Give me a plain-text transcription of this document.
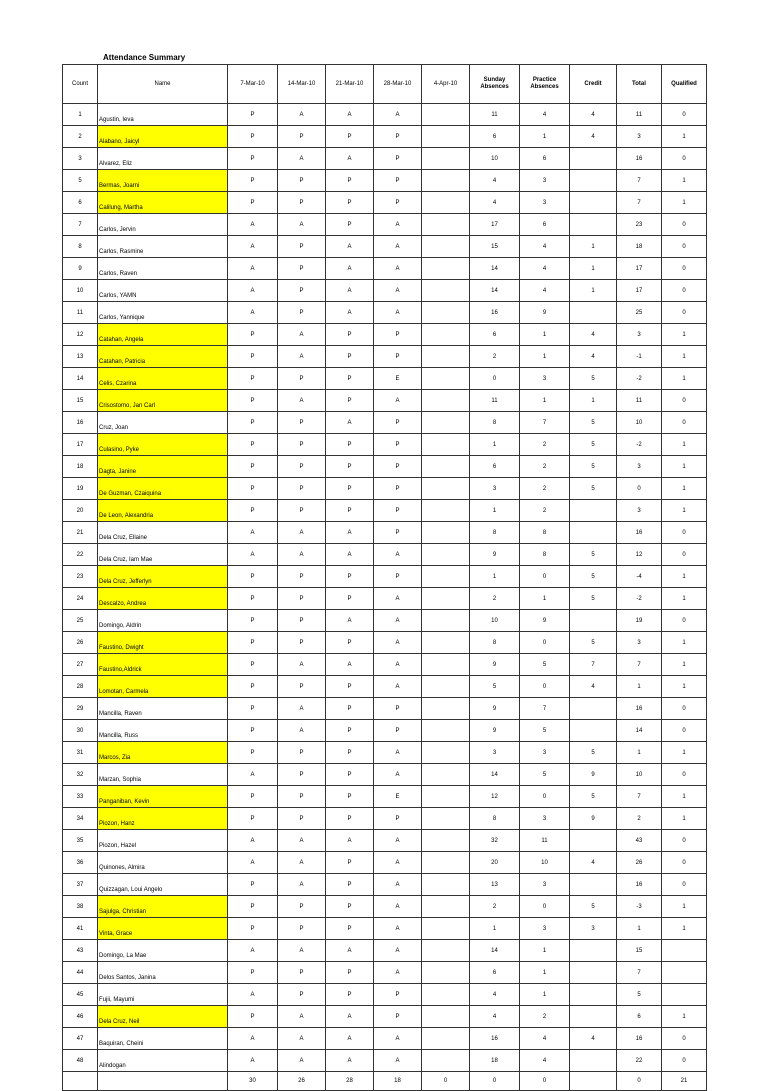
Attendance Summary
Count	Name	7-Mar-10	14-Mar-10	21-Mar-10	28-Mar-10	4-Apr-10	Sunday Absences	Practice Absences	Credit	Total	Qualified
1	Agustin, Ieva	P	A	A	A		11	4	4	11	0
2	Alabano, Jaicyl	P	P	P	P		6	1	4	3	1
3	Alvarez, Eliz	P	A	A	P		10	6		16	0
5	Bermas, Joarni	P	P	P	P		4	3		7	1
6	Calilung, Martha	P	P	P	P		4	3		7	1
7	Carlos, Jervin	A	A	P	A		17	6		23	0
8	Carlos, Rasmine	A	P	A	A		15	4	1	18	0
9	Carlos, Raven	A	P	A	A		14	4	1	17	0
10	Carlos, YAMN	A	P	A	A		14	4	1	17	0
11	Carlos, Yannique	A	P	A	A		16	9		25	0
12	Catahan, Angela	P	A	P	P		6	1	4	3	1
13	Catahan, Patricia	P	A	P	P		2	1	4	-1	1
14	Celis, Czarina	P	P	P	E		0	3	5	-2	1
15	Crisostomo, Jan Carl	P	A	P	A		11	1	1	11	0
16	Cruz, Joan	P	P	A	P		8	7	5	10	0
17	Culasino, Pyke	P	P	P	P		1	2	5	-2	1
18	Dagta, Janine	P	P	P	P		6	2	5	3	1
19	De Guzman, Czaiquina	P	P	P	P		3	2	5	0	1
20	De Leon, Alexandria	P	P	P	P		1	2		3	1
21	Dela Cruz, Ellaine	A	A	A	P		8	8		16	0
22	Dela Cruz, Iam Mae	A	A	A	A		9	8	5	12	0
23	Dela Cruz, Jefferlyn	P	P	P	P		1	0	5	-4	1
24	Descalzo, Andrea	P	P	P	A		2	1	5	-2	1
25	Domingo, Aldrin	P	P	A	A		10	9		19	0
26	Faustino, Dwight	P	P	P	A		8	0	5	3	1
27	Faustino,Aldrick	P	A	A	A		9	5	7	7	1
28	Lomotan, Carmela	P	P	P	A		5	0	4	1	1
29	Mancilla, Raven	P	A	P	P		9	7		16	0
30	Mancilla, Russ	P	A	P	P		9	5		14	0
31	Marcos, Zia	P	P	P	A		3	3	5	1	1
32	Marzan, Sophia	A	P	P	A		14	5	9	10	0
33	Panganiban, Kevin	P	P	P	E		12	0	5	7	1
34	Piozon, Hanz	P	P	P	P		8	3	9	2	1
35	Piozon, Hazel	A	A	A	A		32	11		43	0
36	Quinones, Almira	A	A	P	A		20	10	4	26	0
37	Quizzagan, Loui Angelo	P	A	P	A		13	3		16	0
38	Sajulga, Christian	P	P	P	A		2	0	5	-3	1
41	Vinta, Grace	P	P	P	A		1	3	3	1	1
43	Domingo, La Mae	A	A	A	A		14	1		15	
44	Delos Santos, Janina	P	P	P	A		6	1		7	
45	Fujii, Mayumi	A	P	P	P		4	1		5	
46	Dela Cruz, Neil	P	A	A	P		4	2		6	1
47	Baquiran, Cheini	A	A	A	A		16	4	4	16	0
48	Alindogan	A	A	A	A		18	4		22	0
		30	26	28	18	0	0	0		0	21
